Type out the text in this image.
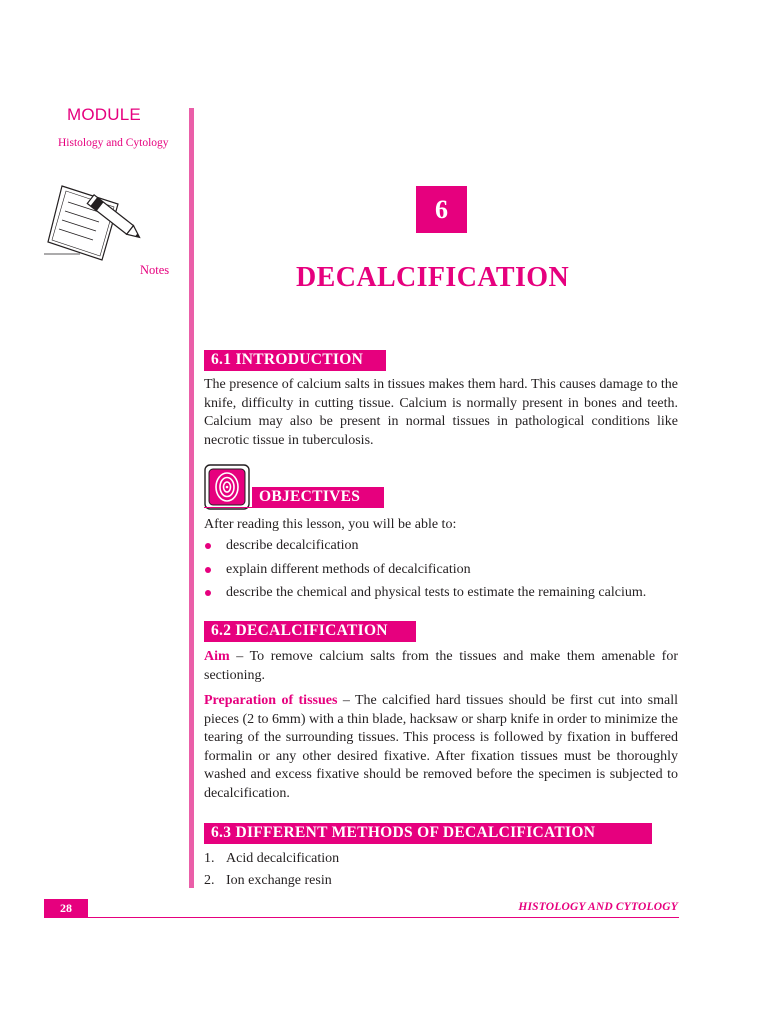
MODULE
Histology and Cytology
Notes
6
DECALCIFICATION
6.1 INTRODUCTION
The presence of calcium salts in tissues makes them hard. This causes damage to the knife, difficulty in cutting tissue. Calcium is normally present in bones and teeth. Calcium may also be present in normal tissues in pathological conditions like necrotic tissue in tuberculosis.
OBJECTIVES
After reading this lesson, you will be able to:
describe decalcification
explain different methods of decalcification
describe the chemical and physical tests to estimate the remaining calcium.
6.2 DECALCIFICATION
Aim – To remove calcium salts from the tissues and make them amenable for sectioning.
Preparation of tissues – The calcified hard tissues should be first cut into small pieces (2 to 6mm) with a thin blade, hacksaw or sharp knife in order to minimize the tearing of the surrounding tissues. This process is followed by fixation in buffered formalin or any other desired fixative. After fixation tissues must be thoroughly washed and excess fixative should be removed before the specimen is subjected to decalcification.
6.3 DIFFERENT METHODS OF DECALCIFICATION
1. Acid decalcification
2. Ion exchange resin
28	HISTOLOGY AND CYTOLOGY
